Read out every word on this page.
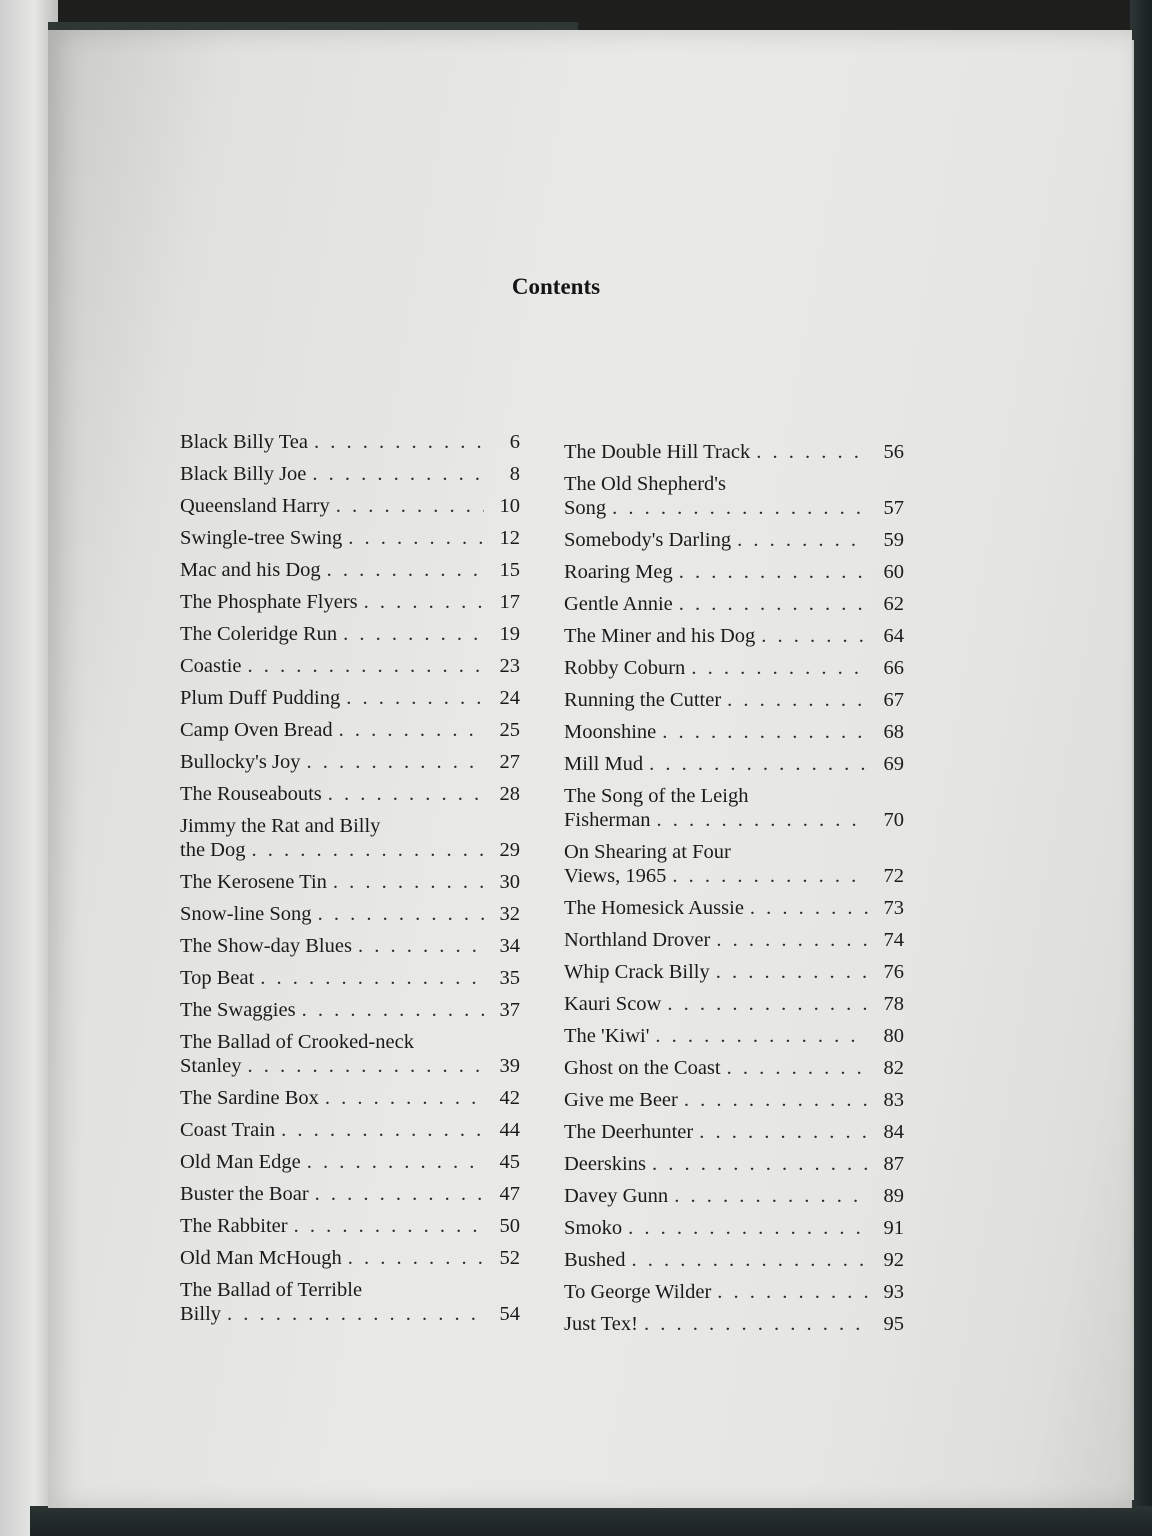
Contents
Black Billy Tea . . .	6
Black Billy Joe . . .	8
Queensland Harry . . .	10
Swingle-tree Swing . . .	12
Mac and his Dog . . .	15
The Phosphate Flyers . . .	17
The Coleridge Run . . .	19
Coastie . . .	23
Plum Duff Pudding . . .	24
Camp Oven Bread . . .	25
Bullocky's Joy . . .	27
The Rouseabouts . . .	28
Jimmy the Rat and Billy
the Dog . . .	29
The Kerosene Tin . . .	30
Snow-line Song . . .	32
The Show-day Blues . . .	34
Top Beat . . .	35
The Swaggies . . .	37
The Ballad of Crooked-neck
Stanley . . .	39
The Sardine Box . . .	42
Coast Train . . .	44
Old Man Edge . . .	45
Buster the Boar . . .	47
The Rabbiter . . .	50
Old Man McHough . . .	52
The Ballad of Terrible
Billy . . .	54
The Double Hill Track . . .	56
The Old Shepherd's
Song . . .	57
Somebody's Darling . . .	59
Roaring Meg . . .	60
Gentle Annie . . .	62
The Miner and his Dog . . .	64
Robby Coburn . . .	66
Running the Cutter . . .	67
Moonshine . . .	68
Mill Mud . . .	69
The Song of the Leigh
Fisherman . . .	70
On Shearing at Four
Views, 1965 . . .	72
The Homesick Aussie . . .	73
Northland Drover . . .	74
Whip Crack Billy . . .	76
Kauri Scow . . .	78
The 'Kiwi' . . .	80
Ghost on the Coast . . .	82
Give me Beer . . .	83
The Deerhunter . . .	84
Deerskins . . .	87
Davey Gunn . . .	89
Smoko . . .	91
Bushed . . .	92
To George Wilder . . .	93
Just Tex! . . .	95
